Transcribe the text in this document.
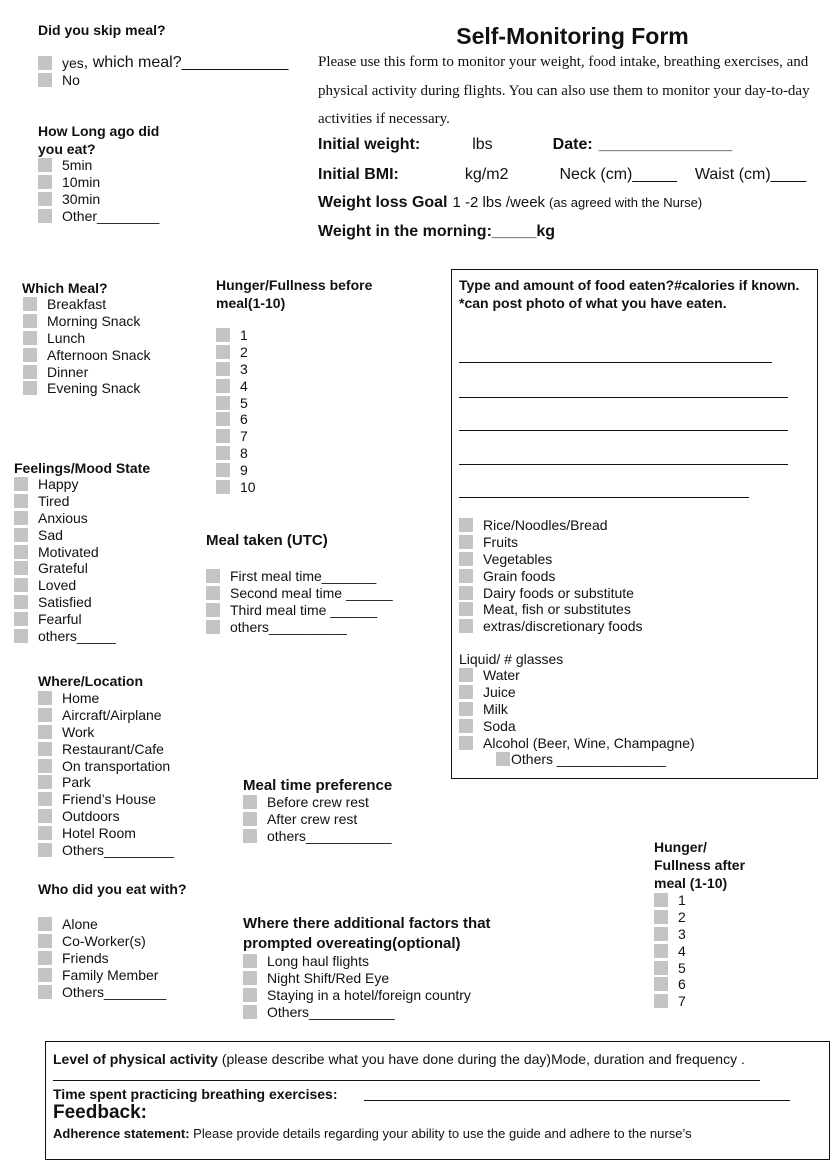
Self-Monitoring Form
Please use this form to monitor your weight, food intake, breathing exercises, and physical activity during flights. You can also use them to monitor your day-to-day activities if necessary.
Initial weight:	lbs	Date: _______________
Initial BMI:	kg/m2	Neck (cm)_____ Waist (cm)____
Weight loss Goal 1 -2 lbs /week (as agreed with the Nurse)
Weight in the morning:_____kg
Did you skip meal?
yes , which meal?____________
No
How Long ago did you eat?
5min
10min
30min
Other________
Which Meal?
Breakfast
Morning Snack
Lunch
Afternoon Snack
Dinner
Evening Snack
Hunger/Fullness before meal(1-10)
1
2
3
4
5
6
7
8
9
10
Type and amount of food eaten?#calories if known. *can post photo of what you have eaten.
Rice/Noodles/Bread
Fruits
Vegetables
Grain foods
Dairy foods or substitute
Meat, fish or substitutes
extras/discretionary foods
Liquid/ # glasses
Water
Juice
Milk
Soda
Alcohol (Beer, Wine, Champagne)
Others ______________
Feelings/Mood State
Happy
Tired
Anxious
Sad
Motivated
Grateful
Loved
Satisfied
Fearful
others_____
Meal taken (UTC)
First meal time_______
Second meal time ______
Third meal time ______
others__________
Where/Location
Home
Aircraft/Airplane
Work
Restaurant/Cafe
On transportation
Park
Friend’s House
Outdoors
Hotel Room
Others_________
Meal time preference
Before crew rest
After crew rest
others___________
Hunger/ Fullness after meal (1-10)
1
2
3
4
5
6
7
Who did you eat with?
Alone
Co-Worker(s)
Friends
Family Member
Others________
Where there additional factors that prompted overeating(optional)
Long haul flights
Night Shift/Red Eye
Staying in a hotel/foreign country
Others___________
Level of physical activity (please describe what you have done during the day)Mode, duration and frequency .
Time spent practicing breathing exercises:
Feedback:
Adherence statement: Please provide details regarding your ability to use the guide and adhere to the nurse’s
